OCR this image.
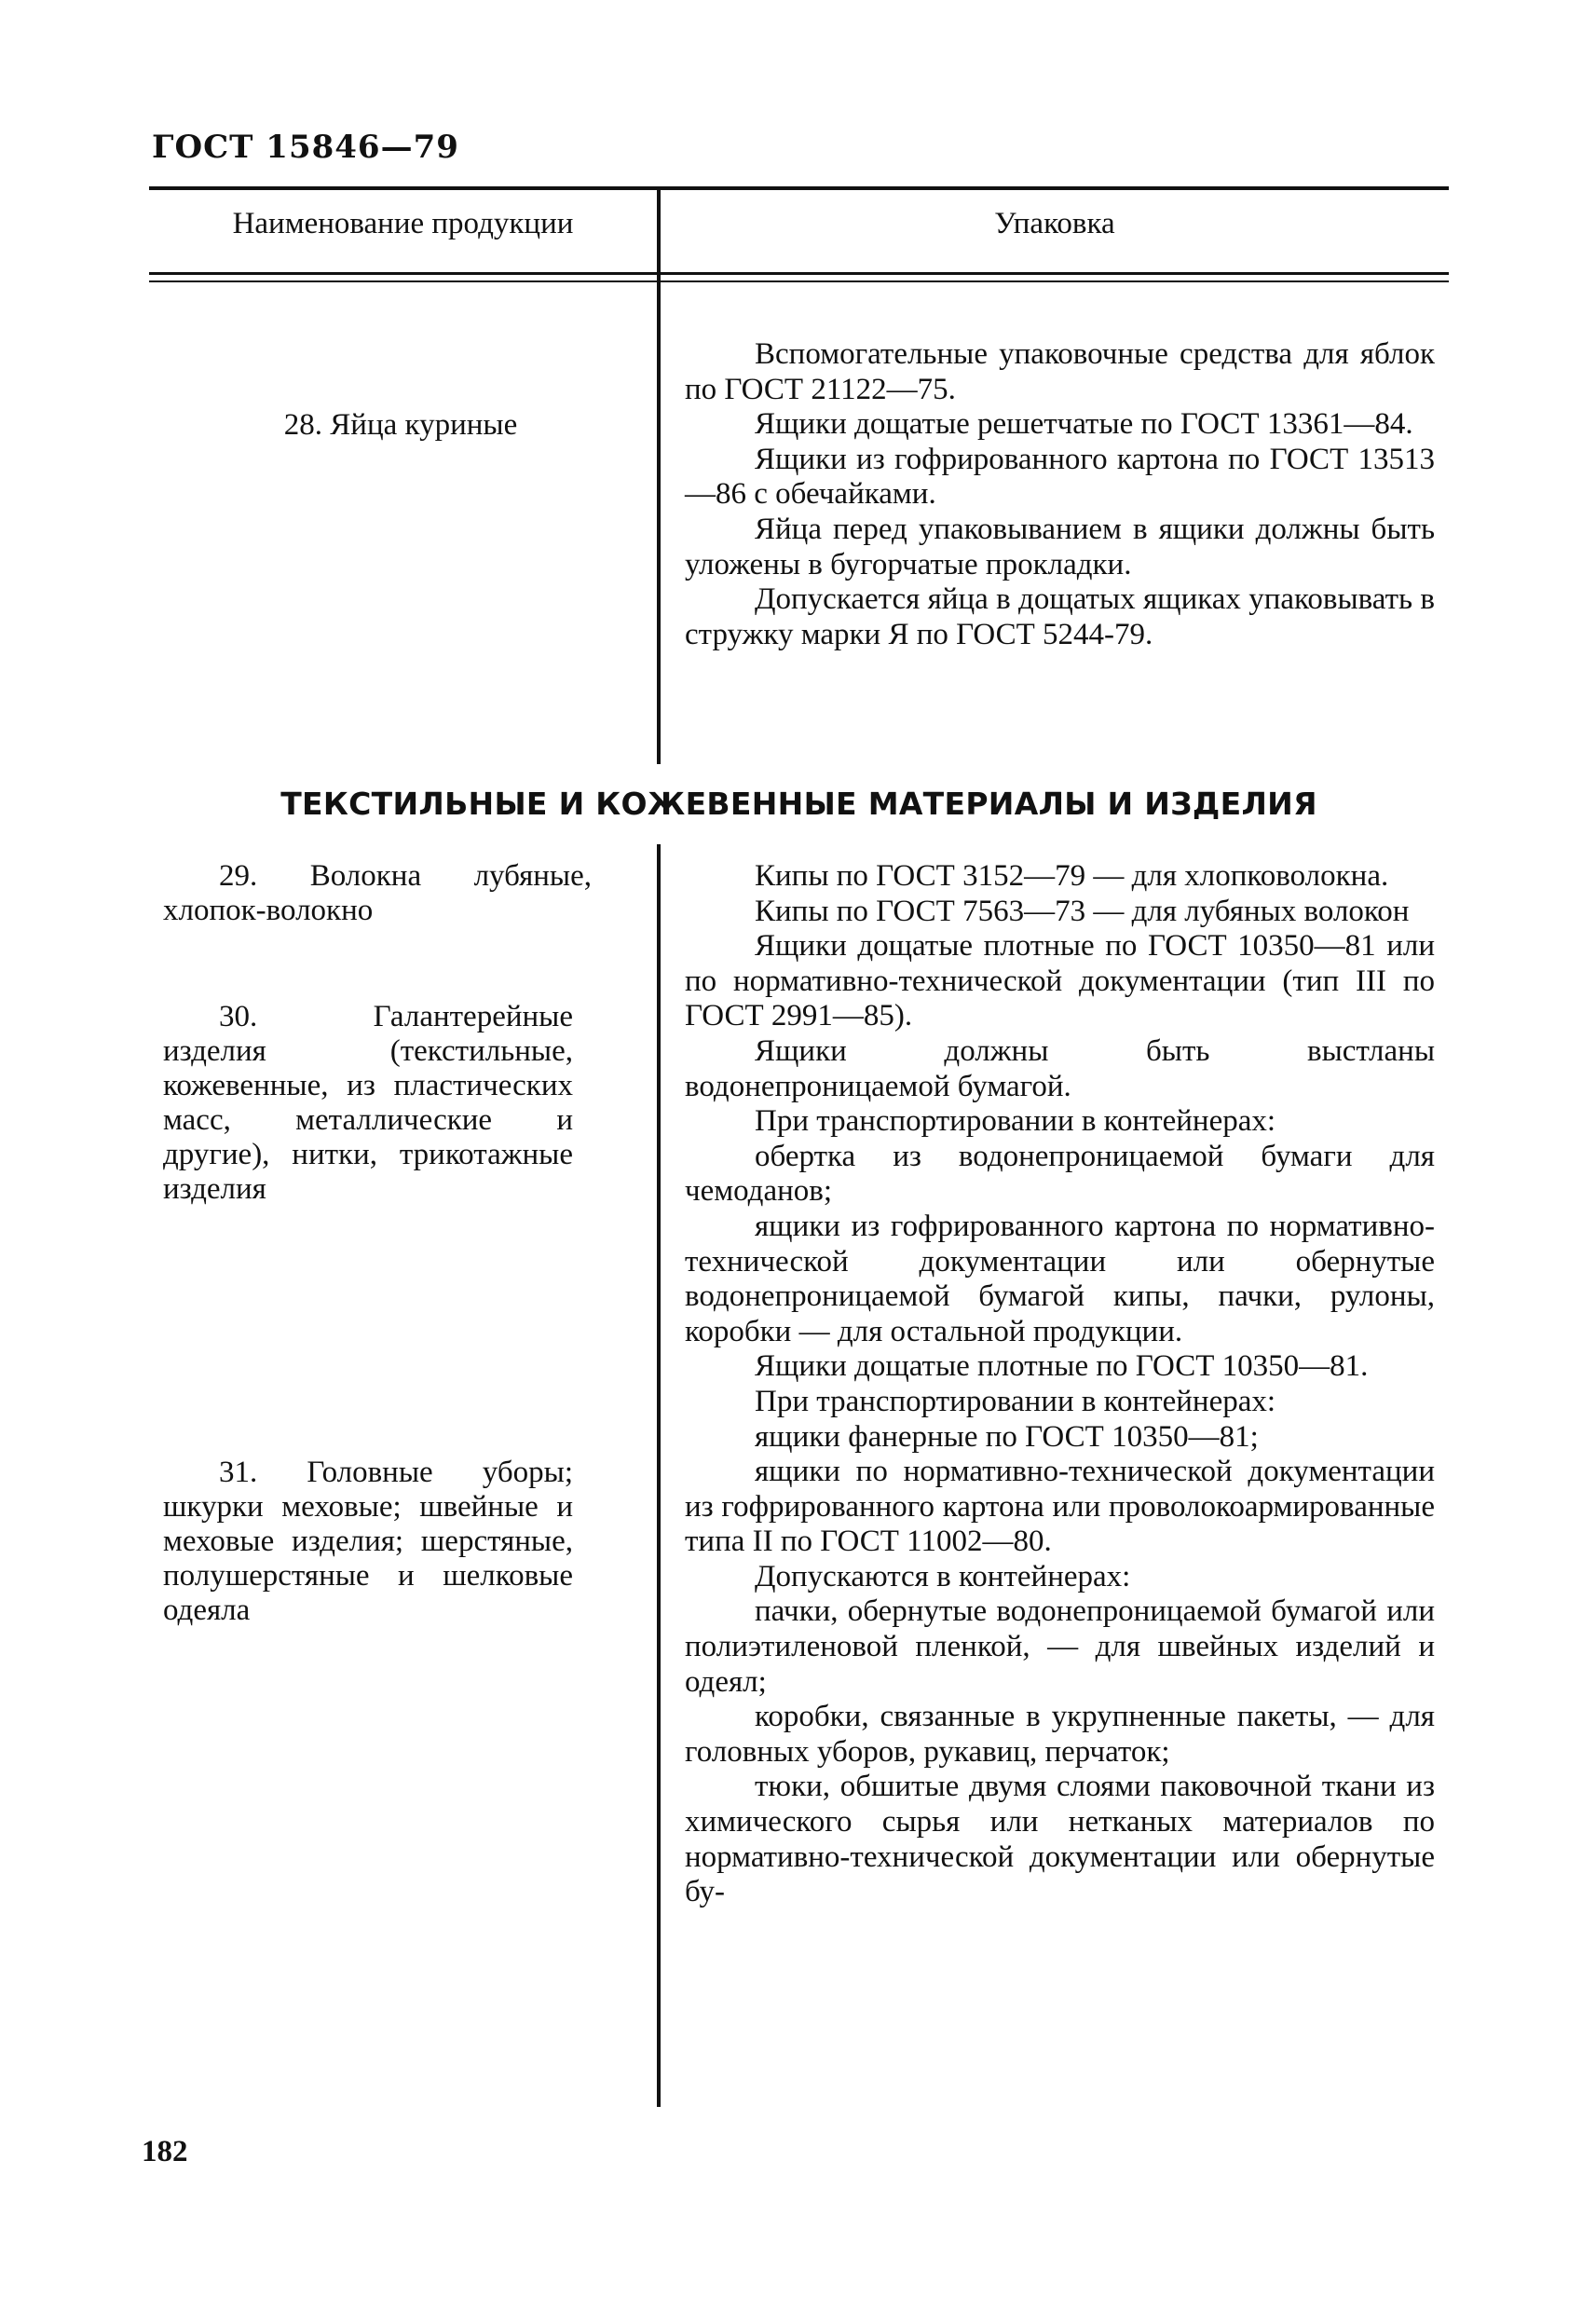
ГОСТ 15846—79
Наименование продукции	Упаковка

28. Яйца куриные

Вспомогательные упаковочные средства для яблок по ГОСТ 21122—75.

Ящики дощатые решетчатые по ГОСТ 13361—84.

Ящики из гофрированного картона по ГОСТ 13513—86 с обечайками.

Яйца перед упаковыванием в ящики должны быть уложены в бугорчатые прокладки.

Допускается яйца в дощатых ящиках упаковывать в стружку марки Я по ГОСТ 5244-79.

ТЕКСТИЛЬНЫЕ И КОЖЕВЕННЫЕ МАТЕРИАЛЫ И ИЗДЕЛИЯ

29. Волокна лубяные, хлопок-волокно

30. Галантерейные изделия (текстильные, кожевенные, из пластических масс, металлические и другие), нитки, трикотажные изделия

31. Головные уборы; шкурки меховые; швейные и меховые изделия; шерстяные, полушерстяные и шелковые одеяла

Кипы по ГОСТ 3152—79 — для хлопковолокна.

Кипы по ГОСТ 7563—73 — для лубяных волокон

Ящики дощатые плотные по ГОСТ 10350—81 или по нормативно-технической документации (тип III по ГОСТ 2991—85).

Ящики должны быть выстланы водонепроницаемой бумагой.

При транспортировании в контейнерах:

обертка из водонепроницаемой бумаги для чемоданов;

ящики из гофрированного картона по нормативно-технической документации или обернутые водонепроницаемой бумагой кипы, пачки, рулоны, коробки — для остальной продукции.

Ящики дощатые плотные по ГОСТ 10350—81.

При транспортировании в контейнерах:

ящики фанерные по ГОСТ 10350—81;

ящики по нормативно-технической документации из гофрированного картона или проволокоармированные типа II по ГОСТ 11002—80.

Допускаются в контейнерах:

пачки, обернутые водонепроницаемой бумагой или полиэтиленовой пленкой, — для швейных изделий и одеял;

коробки, связанные в укрупненные пакеты, — для головных уборов, рукавиц, перчаток;

тюки, обшитые двумя слоями паковочной ткани из химического сырья или нетканых материалов по нормативно-технической документации или обернутые бу-

182
